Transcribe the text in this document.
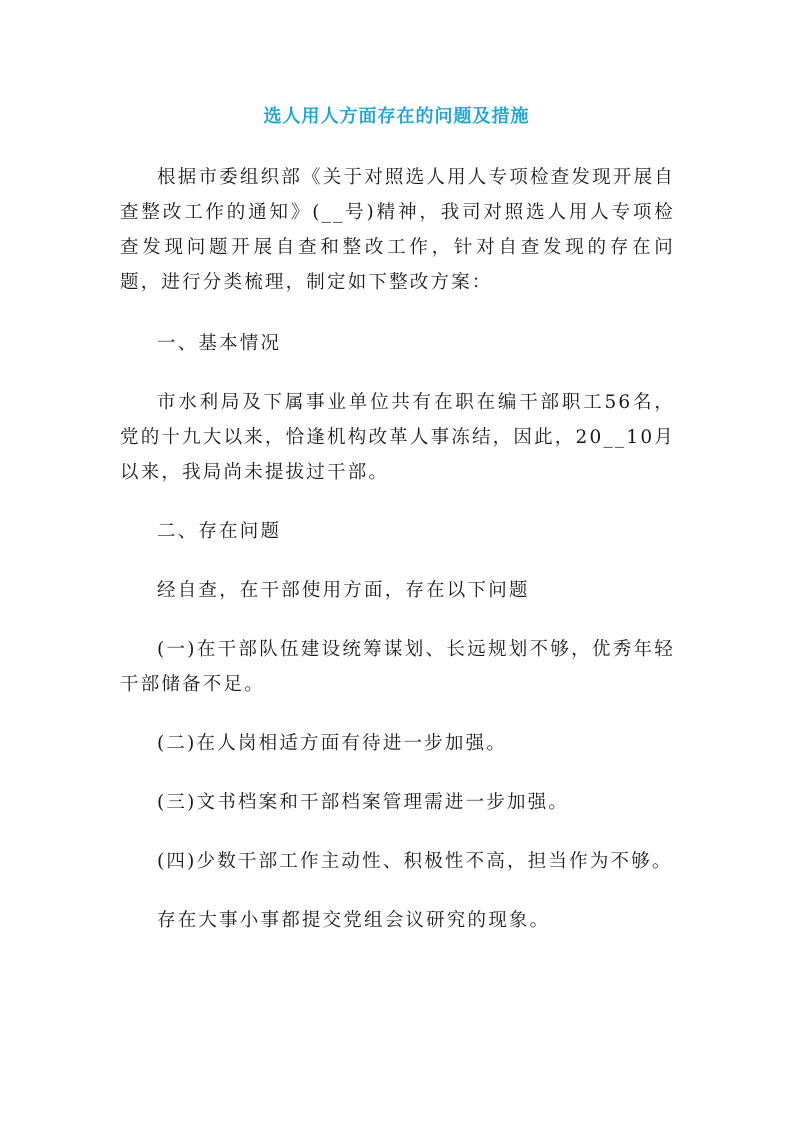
选人用人方面存在的问题及措施

根据市委组织部《关于对照选人用人专项检查发现开展自查整改工作的通知》(__号)精神，我司对照选人用人专项检查发现问题开展自查和整改工作，针对自查发现的存在问题，进行分类梳理，制定如下整改方案：

一、基本情况

市水利局及下属事业单位共有在职在编干部职工56名，党的十九大以来，恰逢机构改革人事冻结，因此，20__10月以来，我局尚未提拔过干部。

二、存在问题

经自查，在干部使用方面，存在以下问题

(一)在干部队伍建设统筹谋划、长远规划不够，优秀年轻干部储备不足。

(二)在人岗相适方面有待进一步加强。

(三)文书档案和干部档案管理需进一步加强。

(四)少数干部工作主动性、积极性不高，担当作为不够。

存在大事小事都提交党组会议研究的现象。
